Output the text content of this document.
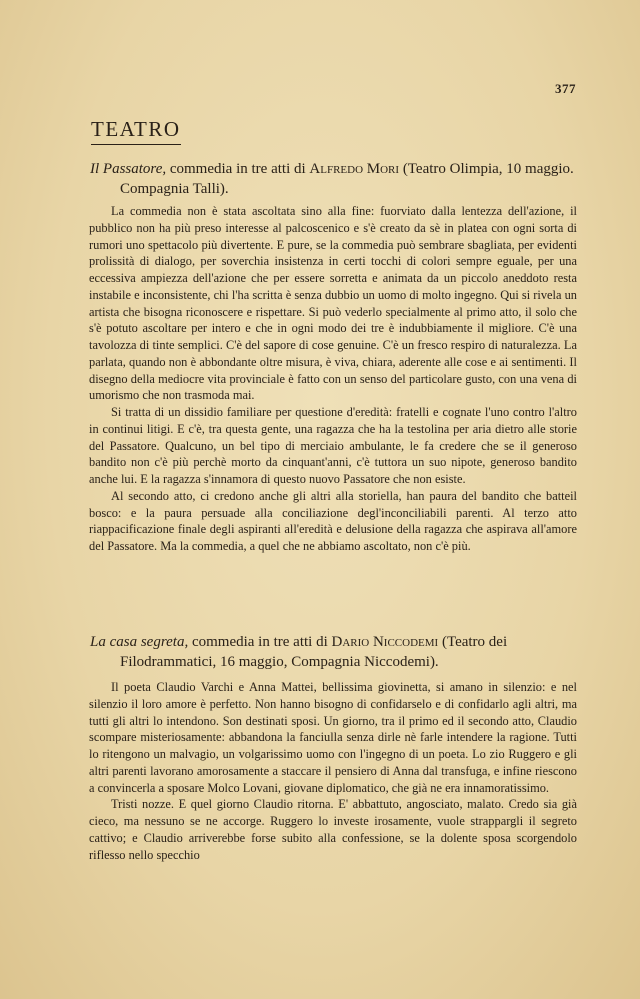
377
TEATRO

Il Passatore, commedia in tre atti di Alfredo Mori (Teatro Olimpia, 10 maggio. Compagnia Talli).

La commedia non è stata ascoltata sino alla fine: fuorviato dalla lentezza dell'azione, il pubblico non ha più preso interesse al palcoscenico e s'è creato da sè in platea con ogni sorta di rumori uno spettacolo più divertente. E pure, se la commedia può sembrare sbagliata, per evidenti prolissità di dialogo, per soverchia insistenza in certi tocchi di colori sempre eguale, per una eccessiva ampiezza dell'azione che per essere sorretta e animata da un piccolo aneddoto resta instabile e inconsistente, chi l'ha scritta è senza dubbio un uomo di molto ingegno. Qui si rivela un artista che bisogna riconoscere e rispettare. Si può vederlo specialmente al primo atto, il solo che s'è potuto ascoltare per intero e che in ogni modo dei tre è indubbiamente il migliore. C'è una tavolozza di tinte semplici. C'è del sapore di cose genuine. C'è un fresco respiro di naturalezza. La parlata, quando non è abbondante oltre misura, è viva, chiara, aderente alle cose e ai sentimenti. Il disegno della mediocre vita provinciale è fatto con un senso del particolare gusto, con una vena di umorismo che non trasmoda mai.

Si tratta di un dissidio familiare per questione d'eredità: fratelli e cognate l'uno contro l'altro in continui litigi. E c'è, tra questa gente, una ragazza che ha la testolina per aria dietro alle storie del Passatore. Qualcuno, un bel tipo di merciaio ambulante, le fa credere che se il generoso bandito non c'è più perchè morto da cinquant'anni, c'è tuttora un suo nipote, generoso bandito anche lui. E la ragazza s'innamora di questo nuovo Passatore che non esiste.

Al secondo atto, ci credono anche gli altri alla storiella, han paura del bandito che batteil bosco: e la paura persuade alla conciliazione degl'inconciliabili parenti. Al terzo atto riappacificazione finale degli aspiranti all'eredità e delusione della ragazza che aspirava all'amore del Passatore. Ma la commedia, a quel che ne abbiamo ascoltato, non c'è più.

La casa segreta, commedia in tre atti di Dario Niccodemi (Teatro dei Filodrammatici, 16 maggio, Compagnia Niccodemi).

Il poeta Claudio Varchi e Anna Mattei, bellissima giovinetta, si amano in silenzio: e nel silenzio il loro amore è perfetto. Non hanno bisogno di confidarselo e di confidarlo agli altri, ma tutti gli altri lo intendono. Son destinati sposi. Un giorno, tra il primo ed il secondo atto, Claudio scompare misteriosamente: abbandona la fanciulla senza dirle nè farle intendere la ragione. Tutti lo ritengono un malvagio, un volgarissimo uomo con l'ingegno di un poeta. Lo zio Ruggero e gli altri parenti lavorano amorosamente a staccare il pensiero di Anna dal transfuga, e infine riescono a convincerla a sposare Molco Lovani, giovane diplomatico, che già ne era innamoratissimo.

Tristi nozze. E quel giorno Claudio ritorna. E' abbattuto, angosciato, malato. Credo sia già cieco, ma nessuno se ne accorge. Ruggero lo investe irosamente, vuole strappargli il segreto cattivo; e Claudio arriverebbe forse subito alla confessione, se la dolente sposa scorgendolo riflesso nello specchio
